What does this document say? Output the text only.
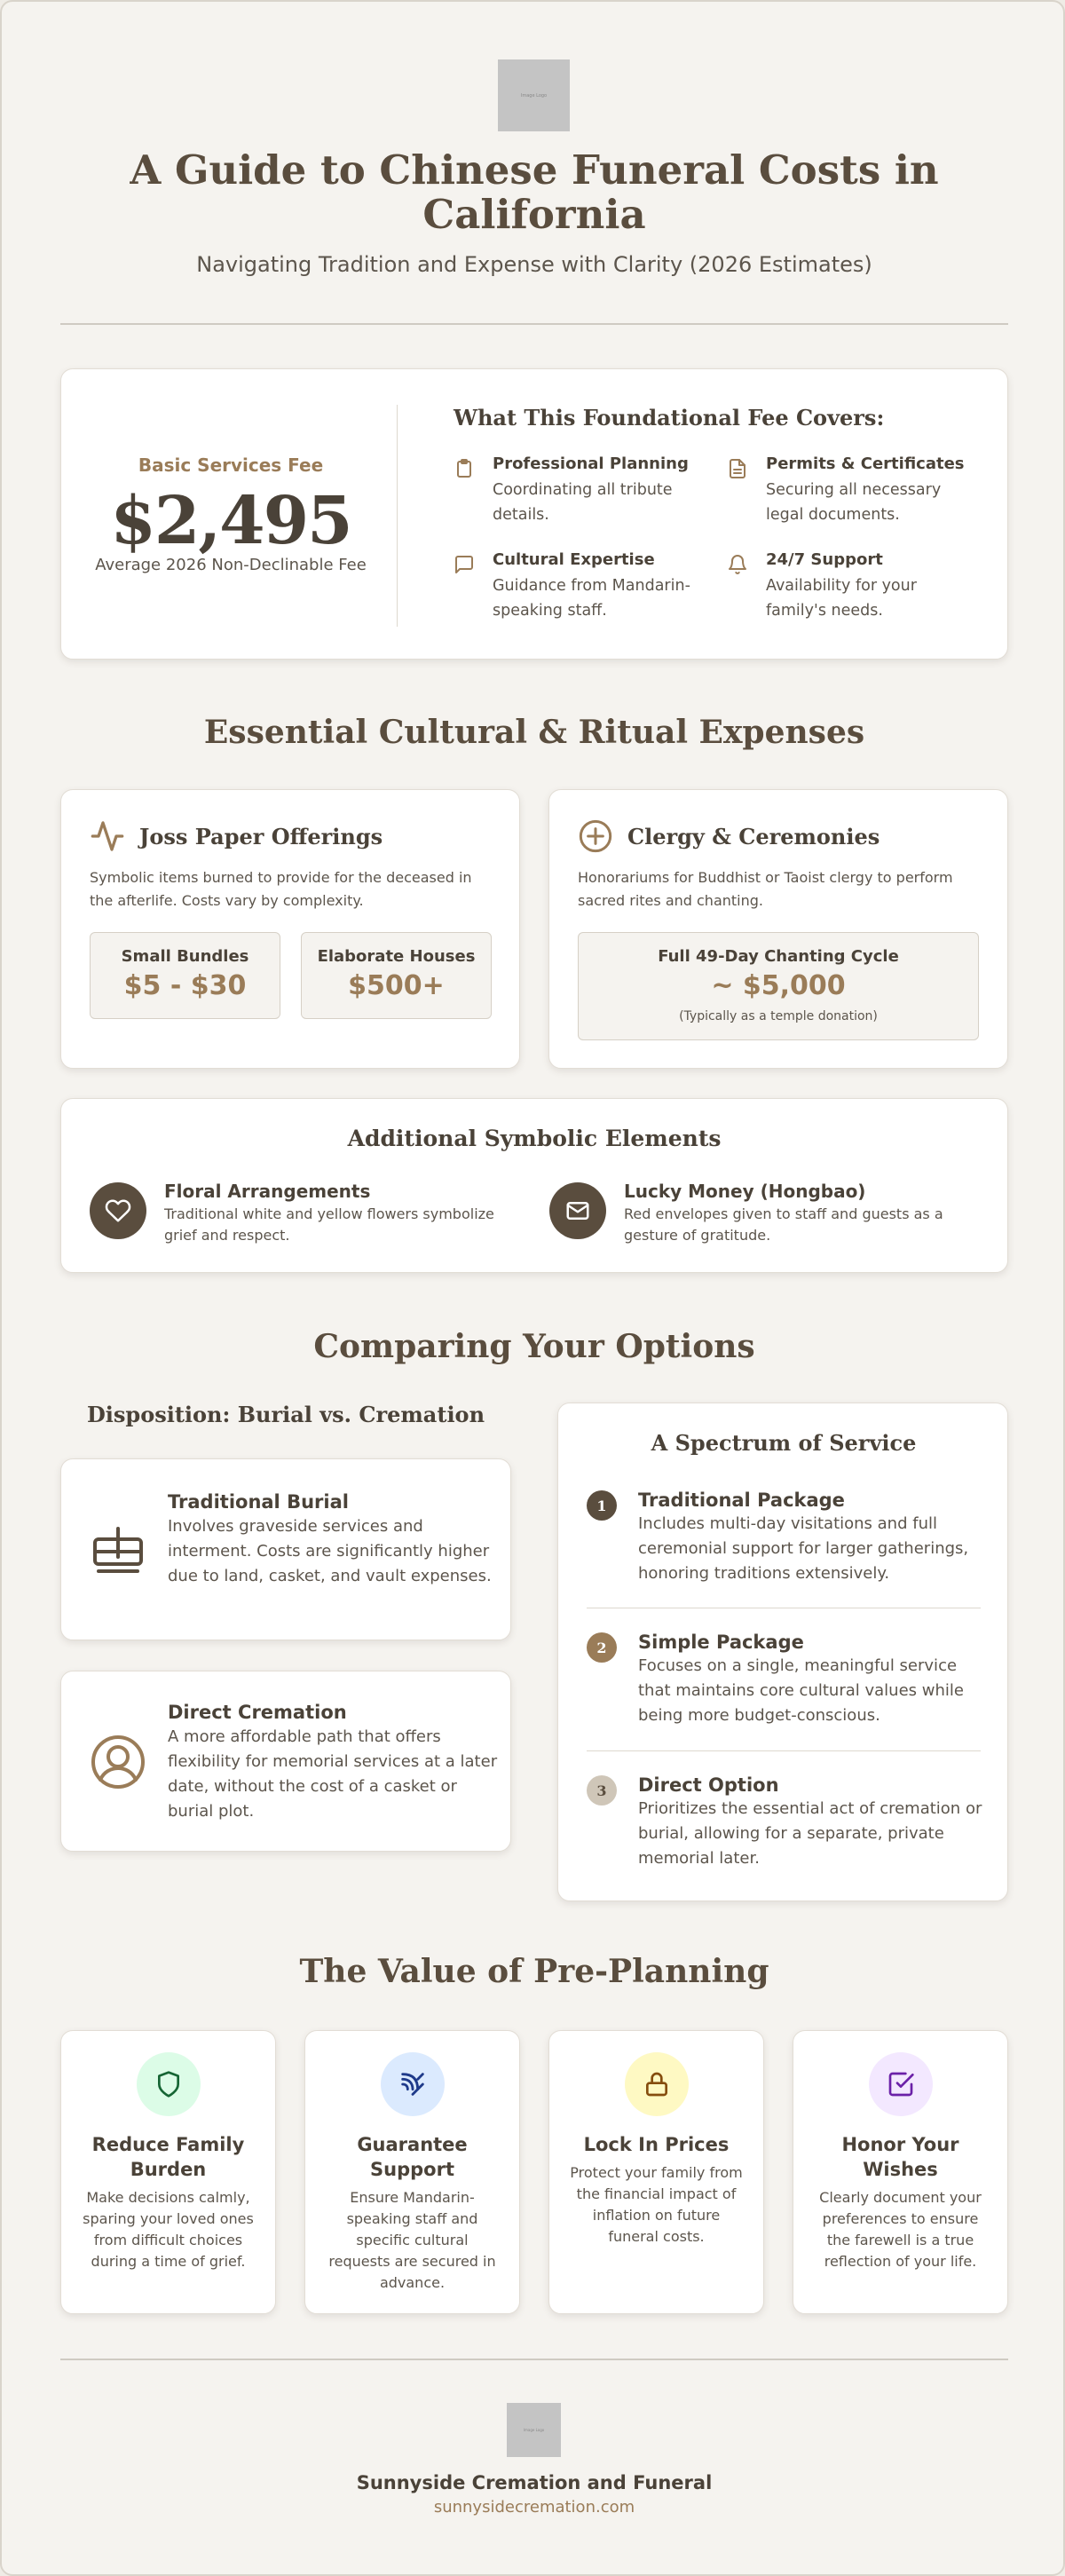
Image Logo
A Guide to Chinese Funeral Costs in California
Navigating Tradition and Expense with Clarity (2026 Estimates)
Basic Services Fee
$2,495
Average 2026 Non-Declinable Fee
What This Foundational Fee Covers:
Professional Planning
Coordinating all tribute details.
Permits & Certificates
Securing all necessary legal documents.
Cultural Expertise
Guidance from Mandarin-speaking staff.
24/7 Support
Availability for your family's needs.
Essential Cultural & Ritual Expenses
Joss Paper Offerings
Symbolic items burned to provide for the deceased in the afterlife. Costs vary by complexity.
Small Bundles
$5 - $30
Elaborate Houses
$500+
Clergy & Ceremonies
Honorariums for Buddhist or Taoist clergy to perform sacred rites and chanting.
Full 49-Day Chanting Cycle
~ $5,000
(Typically as a temple donation)
Additional Symbolic Elements
Floral Arrangements
Traditional white and yellow flowers symbolize grief and respect.
Lucky Money (Hongbao)
Red envelopes given to staff and guests as a gesture of gratitude.
Comparing Your Options
Disposition: Burial vs. Cremation
Traditional Burial
Involves graveside services and interment. Costs are significantly higher due to land, casket, and vault expenses.
Direct Cremation
A more affordable path that offers flexibility for memorial services at a later date, without the cost of a casket or burial plot.
A Spectrum of Service
1	Traditional Package
Includes multi-day visitations and full ceremonial support for larger gatherings, honoring traditions extensively.
2	Simple Package
Focuses on a single, meaningful service that maintains core cultural values while being more budget-conscious.
3	Direct Option
Prioritizes the essential act of cremation or burial, allowing for a separate, private memorial later.
The Value of Pre-Planning
Reduce Family Burden
Make decisions calmly, sparing your loved ones from difficult choices during a time of grief.
Guarantee Support
Ensure Mandarin-speaking staff and specific cultural requests are secured in advance.
Lock In Prices
Protect your family from the financial impact of inflation on future funeral costs.
Honor Your Wishes
Clearly document your preferences to ensure the farewell is a true reflection of your life.
Image Logo
Sunnyside Cremation and Funeral
sunnysidecremation.com
